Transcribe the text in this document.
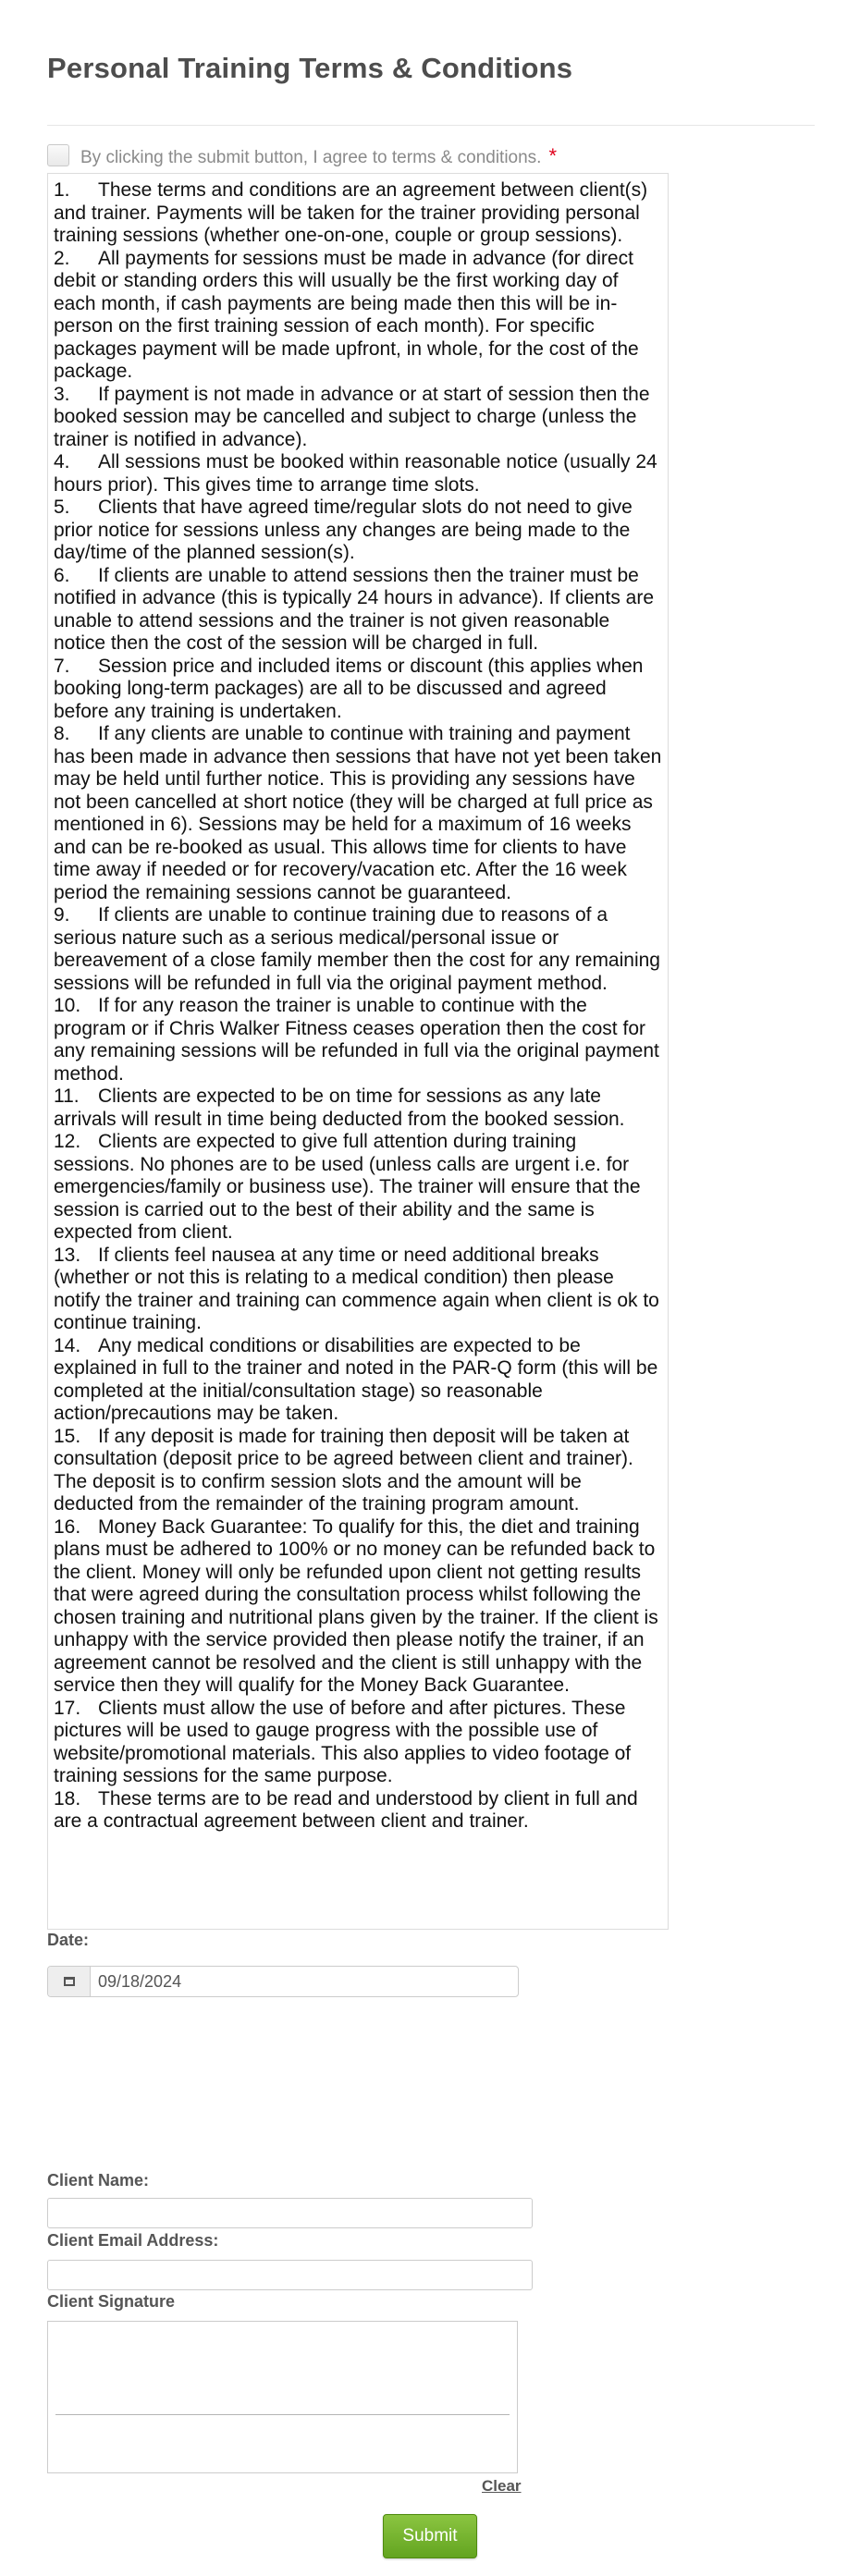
Personal Training Terms & Conditions
By clicking the submit button, I agree to terms & conditions. *

1. These terms and conditions are an agreement between client(s) and trainer. Payments will be taken for the trainer providing personal training sessions (whether one-on-one, couple or group sessions).

2. All payments for sessions must be made in advance (for direct debit or standing orders this will usually be the first working day of each month, if cash payments are being made then this will be in-person on the first training session of each month). For specific packages payment will be made upfront, in whole, for the cost of the package.

3. If payment is not made in advance or at start of session then the booked session may be cancelled and subject to charge (unless the trainer is notified in advance).

4. All sessions must be booked within reasonable notice (usually 24 hours prior). This gives time to arrange time slots.

5. Clients that have agreed time/regular slots do not need to give prior notice for sessions unless any changes are being made to the day/time of the planned session(s).

6. If clients are unable to attend sessions then the trainer must be notified in advance (this is typically 24 hours in advance). If clients are unable to attend sessions and the trainer is not given reasonable notice then the cost of the session will be charged in full.

7. Session price and included items or discount (this applies when booking long-term packages) are all to be discussed and agreed before any training is undertaken.

8. If any clients are unable to continue with training and payment has been made in advance then sessions that have not yet been taken may be held until further notice. This is providing any sessions have not been cancelled at short notice (they will be charged at full price as mentioned in 6). Sessions may be held for a maximum of 16 weeks and can be re-booked as usual. This allows time for clients to have time away if needed or for recovery/vacation etc. After the 16 week period the remaining sessions cannot be guaranteed.

9. If clients are unable to continue training due to reasons of a serious nature such as a serious medical/personal issue or bereavement of a close family member then the cost for any remaining sessions will be refunded in full via the original payment method.

10. If for any reason the trainer is unable to continue with the program or if Chris Walker Fitness ceases operation then the cost for any remaining sessions will be refunded in full via the original payment method.

11. Clients are expected to be on time for sessions as any late arrivals will result in time being deducted from the booked session.

12. Clients are expected to give full attention during training sessions. No phones are to be used (unless calls are urgent i.e. for emergencies/family or business use). The trainer will ensure that the session is carried out to the best of their ability and the same is expected from client.

13. If clients feel nausea at any time or need additional breaks (whether or not this is relating to a medical condition) then please notify the trainer and training can commence again when client is ok to continue training.

14. Any medical conditions or disabilities are expected to be explained in full to the trainer and noted in the PAR-Q form (this will be completed at the initial/consultation stage) so reasonable action/precautions may be taken.

15. If any deposit is made for training then deposit will be taken at consultation (deposit price to be agreed between client and trainer). The deposit is to confirm session slots and the amount will be deducted from the remainder of the training program amount.

16. Money Back Guarantee: To qualify for this, the diet and training plans must be adhered to 100% or no money can be refunded back to the client. Money will only be refunded upon client not getting results that were agreed during the consultation process whilst following the chosen training and nutritional plans given by the trainer. If the client is unhappy with the service provided then please notify the trainer, if an agreement cannot be resolved and the client is still unhappy with the service then they will qualify for the Money Back Guarantee.

17. Clients must allow the use of before and after pictures. These pictures will be used to gauge progress with the possible use of website/promotional materials. This also applies to video footage of training sessions for the same purpose.

18. These terms are to be read and understood by client in full and are a contractual agreement between client and trainer.

Date:
09/18/2024
Client Name:
Client Email Address:
Client Signature
Clear
Submit
